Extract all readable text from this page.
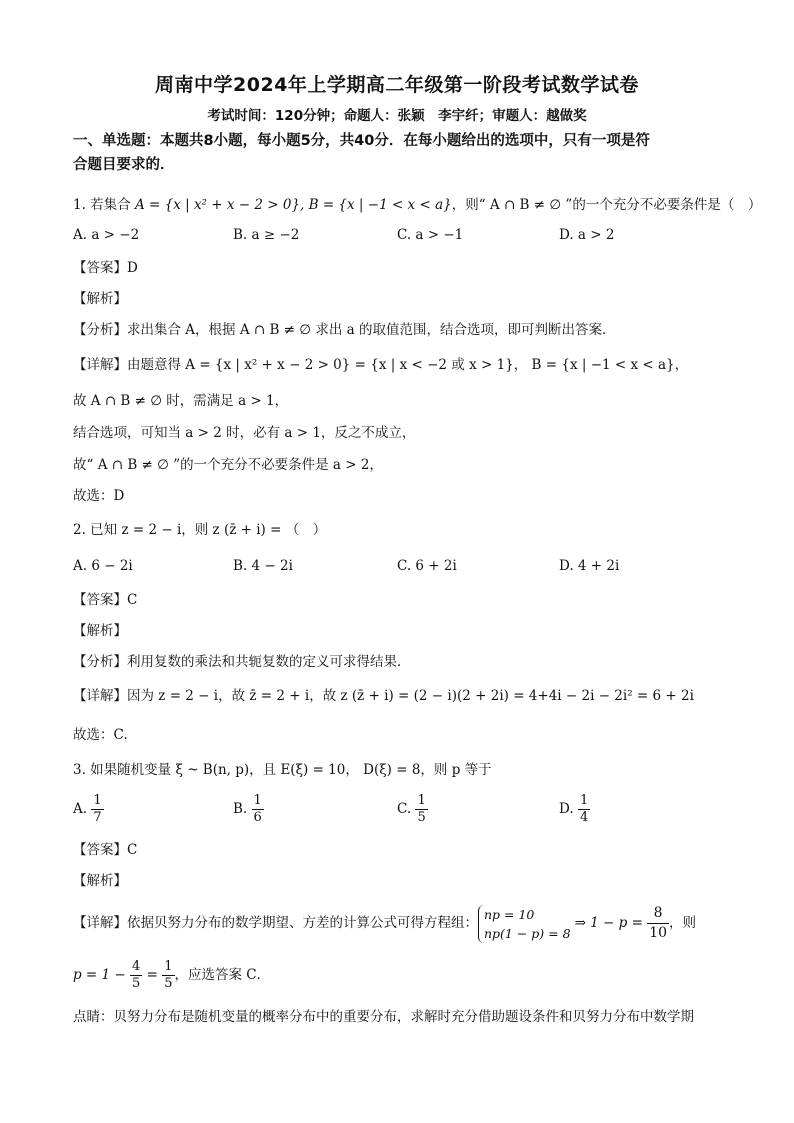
周南中学2024年上学期高二年级第一阶段考试数学试卷
考试时间：120分钟；命题人：张颖　李宇纤；审题人：越做奖
一、单选题：本题共8小题，每小题5分，共40分．在每小题给出的选项中，只有一项是符
合题目要求的．
1. 若集合 A = {x | x² + x − 2 > 0}, B = {x | −1 < x < a}，则“ A ∩ B ≠ ∅ ”的一个充分不必要条件是（　）
A. a > −2	B. a ≥ −2	C. a > −1	D. a > 2
【答案】D
【解析】
【分析】求出集合 A，根据 A ∩ B ≠ ∅ 求出 a 的取值范围，结合选项，即可判断出答案．
【详解】由题意得 A = {x | x² + x − 2 > 0} = {x | x < −2 或 x > 1}， B = {x | −1 < x < a}，
故 A ∩ B ≠ ∅ 时，需满足 a > 1，
结合选项，可知当 a > 2 时，必有 a > 1，反之不成立，
故“ A ∩ B ≠ ∅ ”的一个充分不必要条件是 a > 2，
故选：D
2. 已知 z = 2 − i，则 z (z̄ + i) = （　）
A. 6 − 2i	B. 4 − 2i	C. 6 + 2i	D. 4 + 2i
【答案】C
【解析】
【分析】利用复数的乘法和共轭复数的定义可求得结果．
【详解】因为 z = 2 − i，故 z̄ = 2 + i，故 z (z̄ + i) = (2 − i)(2 + 2i) = 4+4i − 2i − 2i² = 6 + 2i
故选：C.
3. 如果随机变量 ξ ~ B(n, p)，且 E(ξ) = 10， D(ξ) = 8，则 p 等于
A. $\frac{1}{7}$	B. $\frac{1}{6}$	C. $\frac{1}{5}$	D. $\frac{1}{4}$
【答案】C
【解析】
【详解】依据贝努力分布的数学期望、方差的计算公式可得方程组：
np = 10
np(1 − p) = 8
⇒ $1 - p = \frac{8}{10}$ ，则
$p = 1 - \frac{4}{5} = \frac{1}{5}$ ，应选答案 C．
点睛：贝努力分布是随机变量的概率分布中的重要分布，求解时充分借助题设条件和贝努力分布中数学期
